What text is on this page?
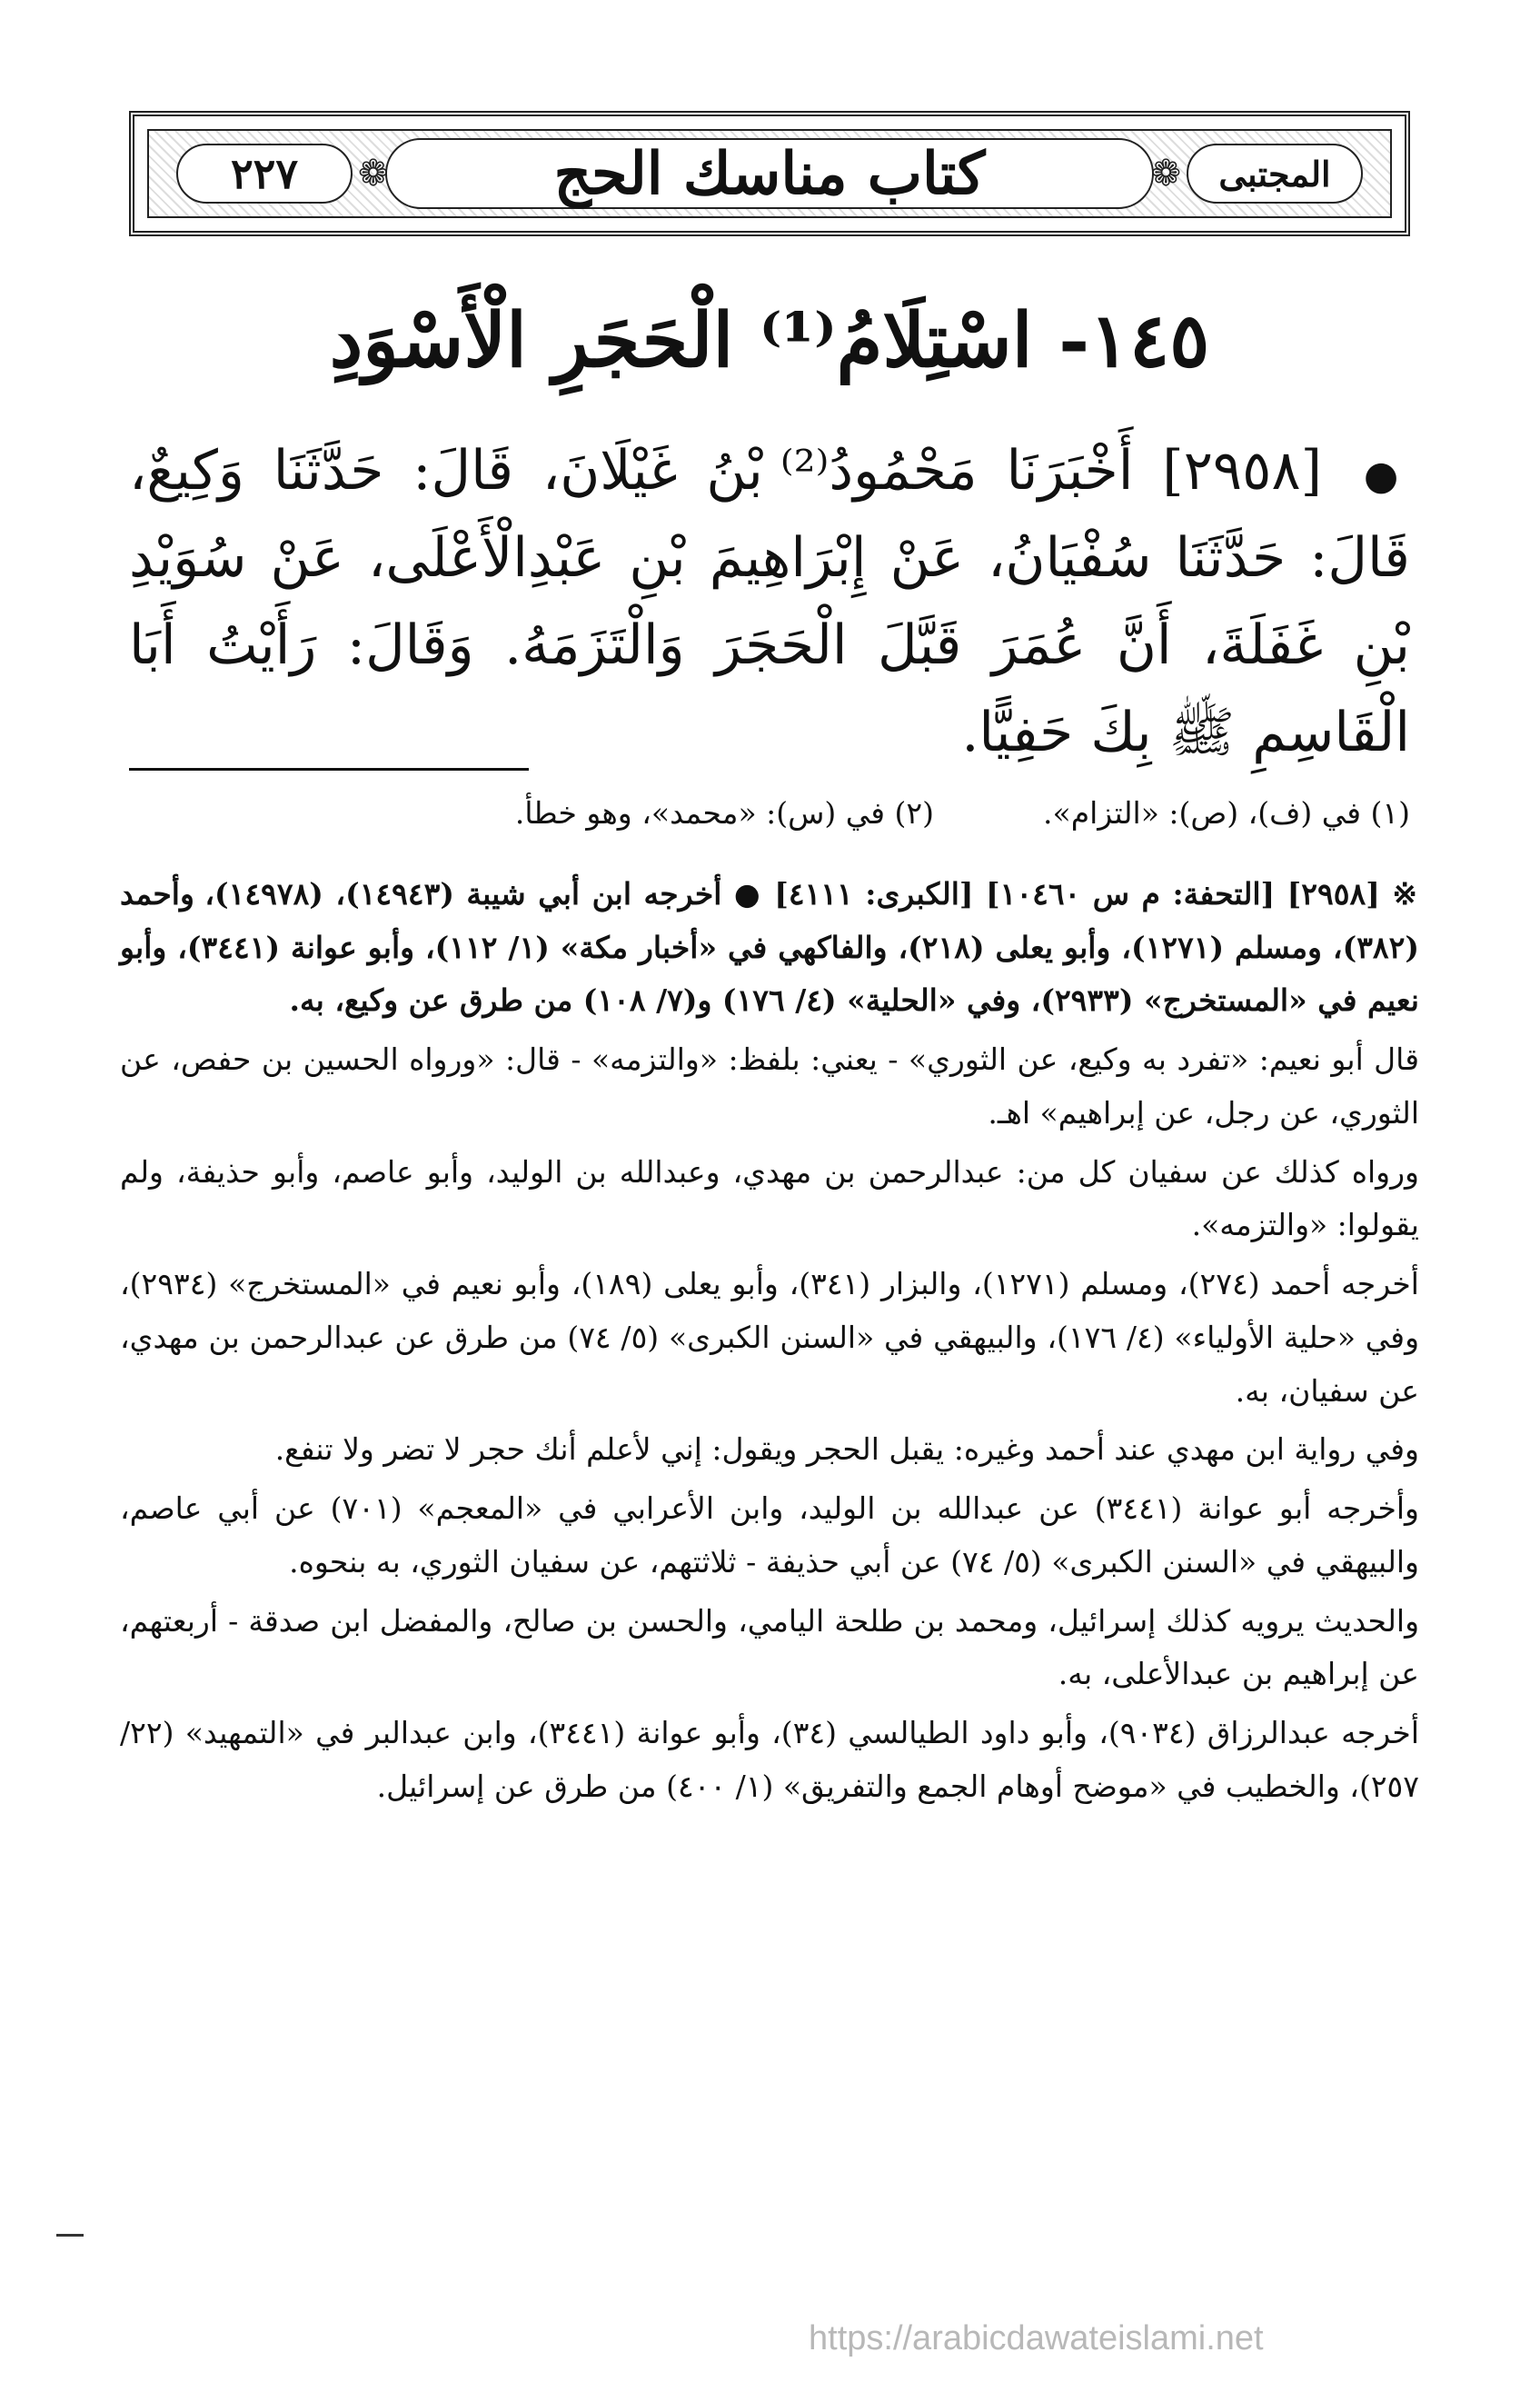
المجتبى
كتاب مناسك الحج
٢٢٧	❁
❁
١٤٥- اسْتِلَامُ⁽¹⁾ الْحَجَرِ الْأَسْوَدِ
● [٢٩٥٨] أَخْبَرَنَا مَحْمُودُ⁽²⁾ بْنُ غَيْلَانَ، قَالَ: حَدَّثَنَا وَكِيعٌ، قَالَ: حَدَّثَنَا سُفْيَانُ، عَنْ إِبْرَاهِيمَ بْنِ عَبْدِالْأَعْلَى، عَنْ سُوَيْدِ بْنِ غَفَلَةَ، أَنَّ عُمَرَ قَبَّلَ الْحَجَرَ وَالْتَزَمَهُ. وَقَالَ: رَأَيْتُ أَبَا الْقَاسِمِ ﷺ بِكَ حَفِيًّا.
(١) في (ف)، (ص): «التزام».
(٢) في (س): «محمد»، وهو خطأ.

※ [٢٩٥٨] [التحفة: م س ١٠٤٦٠] [الكبرى: ٤١١١] ● أخرجه ابن أبي شيبة (١٤٩٤٣)، (١٤٩٧٨)، وأحمد (٣٨٢)، ومسلم (١٢٧١)، وأبو يعلى (٢١٨)، والفاكهي في «أخبار مكة» (١/ ١١٢)، وأبو عوانة (٣٤٤١)، وأبو نعيم في «المستخرج» (٢٩٣٣)، وفي «الحلية» (٤/ ١٧٦) و(٧/ ١٠٨) من طرق عن وكيع، به.

قال أبو نعيم: «تفرد به وكيع، عن الثوري» - يعني: بلفظ: «والتزمه» - قال: «ورواه الحسين بن حفص، عن الثوري، عن رجل، عن إبراهيم» اهـ.

ورواه كذلك عن سفيان كل من: عبدالرحمن بن مهدي، وعبدالله بن الوليد، وأبو عاصم، وأبو حذيفة، ولم يقولوا: «والتزمه».

أخرجه أحمد (٢٧٤)، ومسلم (١٢٧١)، والبزار (٣٤١)، وأبو يعلى (١٨٩)، وأبو نعيم في «المستخرج» (٢٩٣٤)، وفي «حلية الأولياء» (٤/ ١٧٦)، والبيهقي في «السنن الكبرى» (٥/ ٧٤) من طرق عن عبدالرحمن بن مهدي، عن سفيان، به.

وفي رواية ابن مهدي عند أحمد وغيره: يقبل الحجر ويقول: إني لأعلم أنك حجر لا تضر ولا تنفع.

وأخرجه أبو عوانة (٣٤٤١) عن عبدالله بن الوليد، وابن الأعرابي في «المعجم» (٧٠١) عن أبي عاصم، والبيهقي في «السنن الكبرى» (٥/ ٧٤) عن أبي حذيفة - ثلاثتهم، عن سفيان الثوري، به بنحوه.

والحديث يرويه كذلك إسرائيل، ومحمد بن طلحة اليامي، والحسن بن صالح، والمفضل ابن صدقة - أربعتهم، عن إبراهيم بن عبدالأعلى، به.

أخرجه عبدالرزاق (٩٠٣٤)، وأبو داود الطيالسي (٣٤)، وأبو عوانة (٣٤٤١)، وابن عبدالبر في «التمهيد» (٢٢/ ٢٥٧)، والخطيب في «موضح أوهام الجمع والتفريق» (١/ ٤٠٠) من طرق عن إسرائيل.

https://arabicdawateislami.net
